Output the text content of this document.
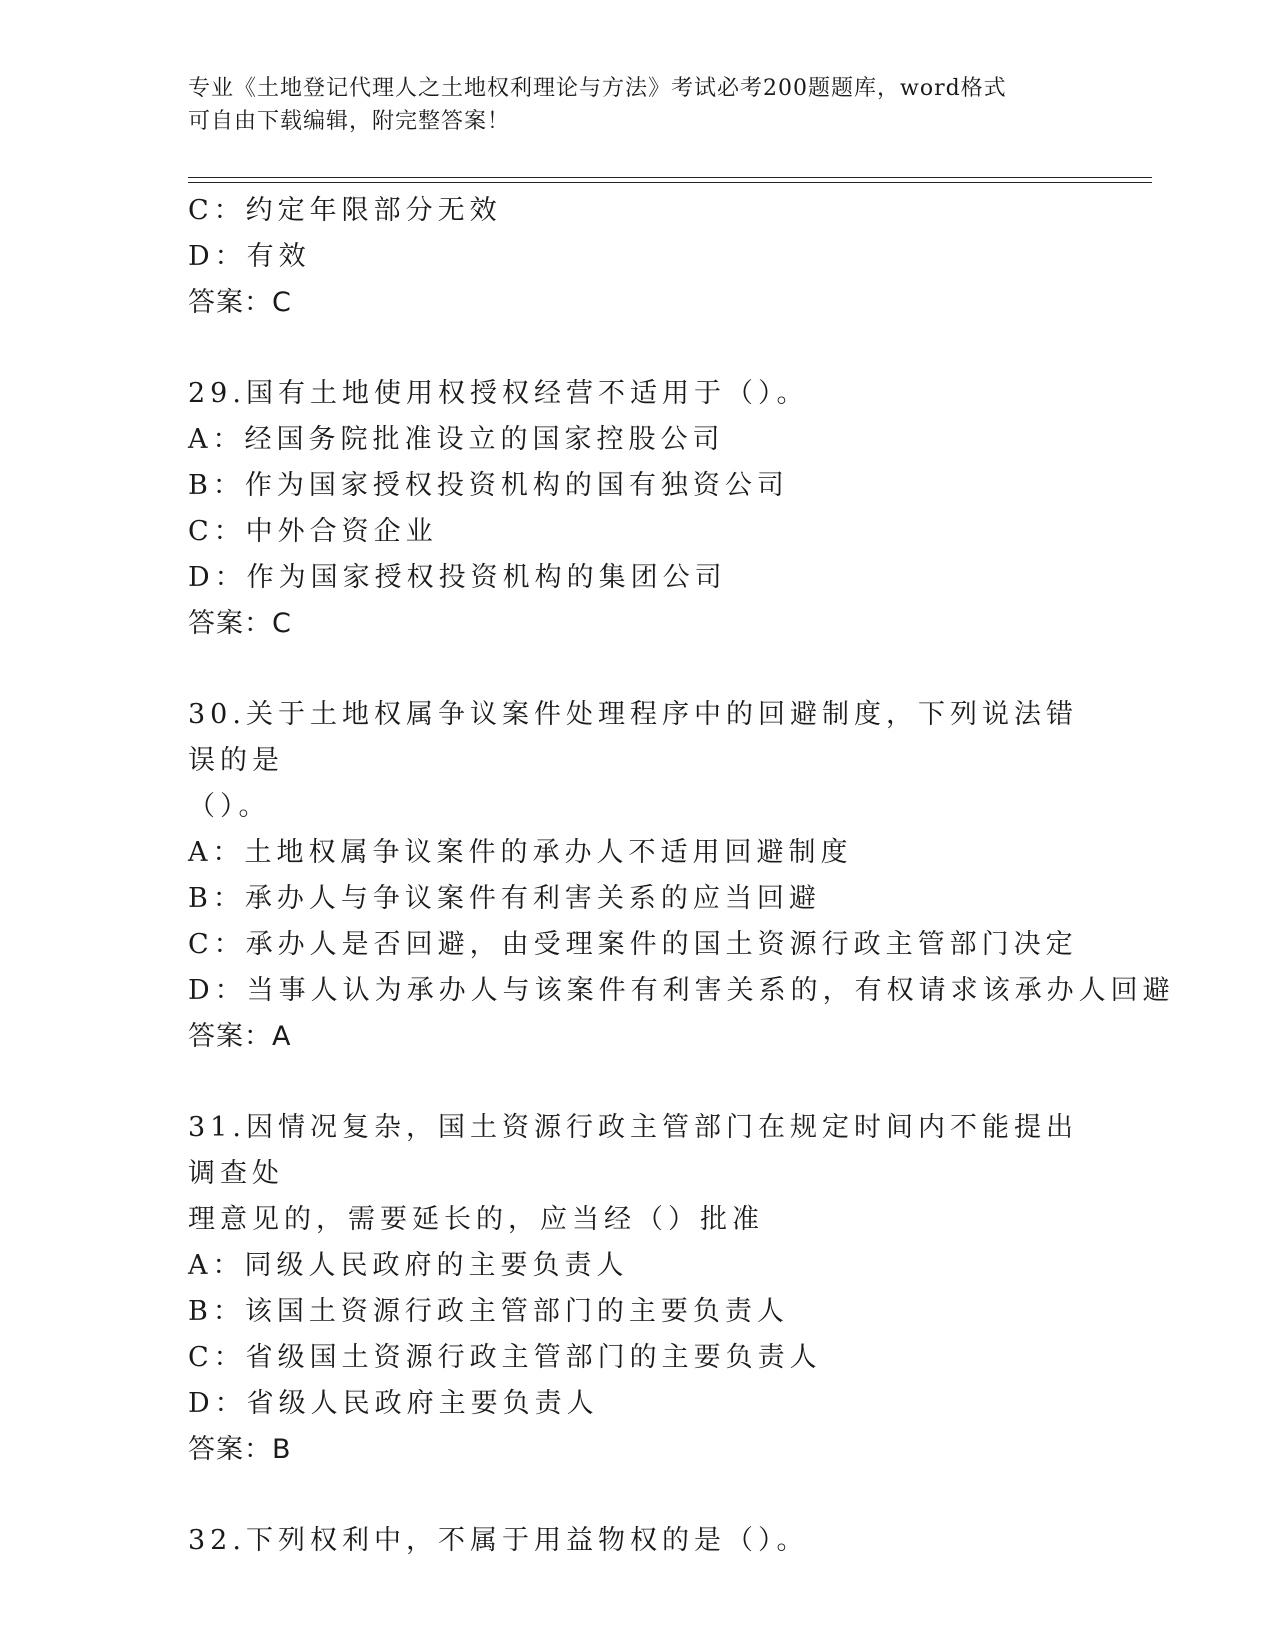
专业《土地登记代理人之土地权利理论与方法》考试必考200题题库，word格式
可自由下载编辑，附完整答案！
C：约定年限部分无效
D：有效
答案：C
29.国有土地使用权授权经营不适用于（）。
A：经国务院批准设立的国家控股公司
B：作为国家授权投资机构的国有独资公司
C：中外合资企业
D：作为国家授权投资机构的集团公司
答案：C
30.关于土地权属争议案件处理程序中的回避制度，下列说法错误的是
（）。
A：土地权属争议案件的承办人不适用回避制度
B：承办人与争议案件有利害关系的应当回避
C：承办人是否回避，由受理案件的国土资源行政主管部门决定
D：当事人认为承办人与该案件有利害关系的，有权请求该承办人回避
答案：A
31.因情况复杂，国土资源行政主管部门在规定时间内不能提出调查处
理意见的，需要延长的，应当经（）批准
A：同级人民政府的主要负责人
B：该国土资源行政主管部门的主要负责人
C：省级国土资源行政主管部门的主要负责人
D：省级人民政府主要负责人
答案：B
32.下列权利中，不属于用益物权的是（）。
